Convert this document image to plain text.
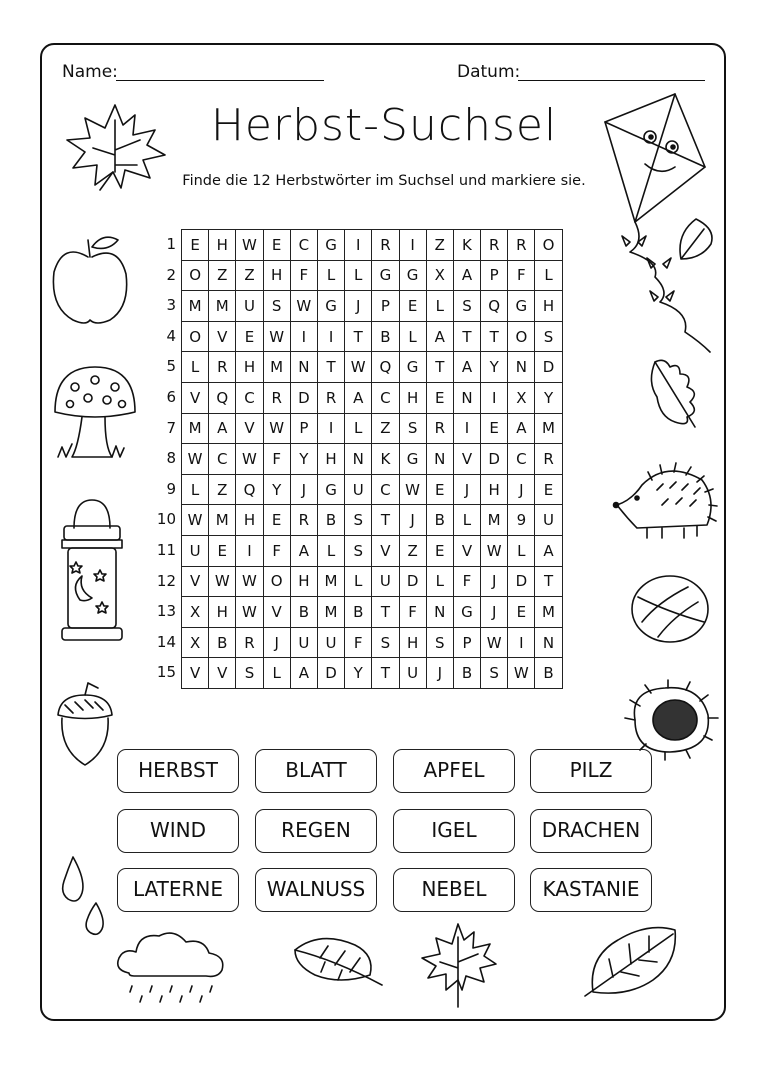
Name:	Datum:
Herbst-Suchsel
Finde die 12 Herbstwörter im Suchsel und markiere sie.
1
2
3
4
5
6
7
8
9
10
11
12
13
14
15
E	H	W	E	C	G	I	R	I	Z	K	R	R	O
O	Z	Z	H	F	L	L	G	G	X	A	P	F	L
M	M	U	S	W	G	J	P	E	L	S	Q	G	H
O	V	E	W	I	I	T	B	L	A	T	T	O	S
L	R	H	M	N	T	W	Q	G	T	A	Y	N	D
V	Q	C	R	D	R	A	C	H	E	N	I	X	Y
M	A	V	W	P	I	L	Z	S	R	I	E	A	M
W	C	W	F	Y	H	N	K	G	N	V	D	C	R
L	Z	Q	Y	J	G	U	C	W	E	J	H	J	E
W	M	H	E	R	B	S	T	J	B	L	M	9	U
U	E	I	F	A	L	S	V	Z	E	V	W	L	A
V	W	W	O	H	M	L	U	D	L	F	J	D	T
X	H	W	V	B	M	B	T	F	N	G	J	E	M
X	B	R	J	U	U	F	S	H	S	P	W	I	N
V	V	S	L	A	D	Y	T	U	J	B	S	W	B
HERBST	BLATT	APFEL	PILZ
WIND	REGEN	IGEL	DRACHEN
LATERNE	WALNUSS	NEBEL	KASTANIE
